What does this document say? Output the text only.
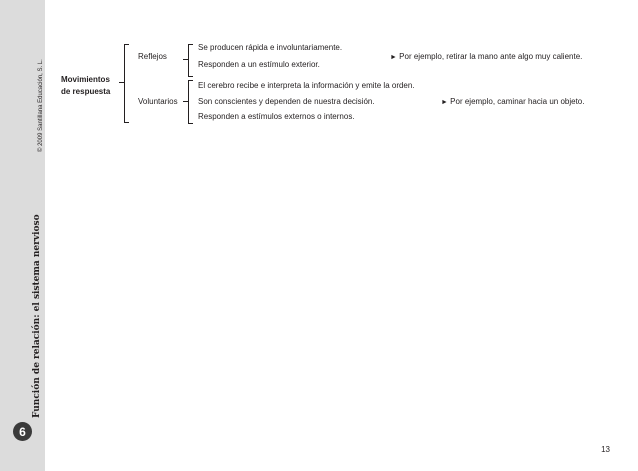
© 2009 Santillana Educación, S. L.
Función de relación: el sistema nervioso
6
Movimientos
de respuesta
Reflejos
Se producen rápida e involuntariamente.
Responden a un estímulo exterior.
► Por ejemplo, retirar la mano ante algo muy caliente.
Voluntarios
El cerebro recibe e interpreta la información y emite la orden.
Son conscientes y dependen de nuestra decisión.
Responden a estímulos externos o internos.
► Por ejemplo, caminar hacia un objeto.
13
